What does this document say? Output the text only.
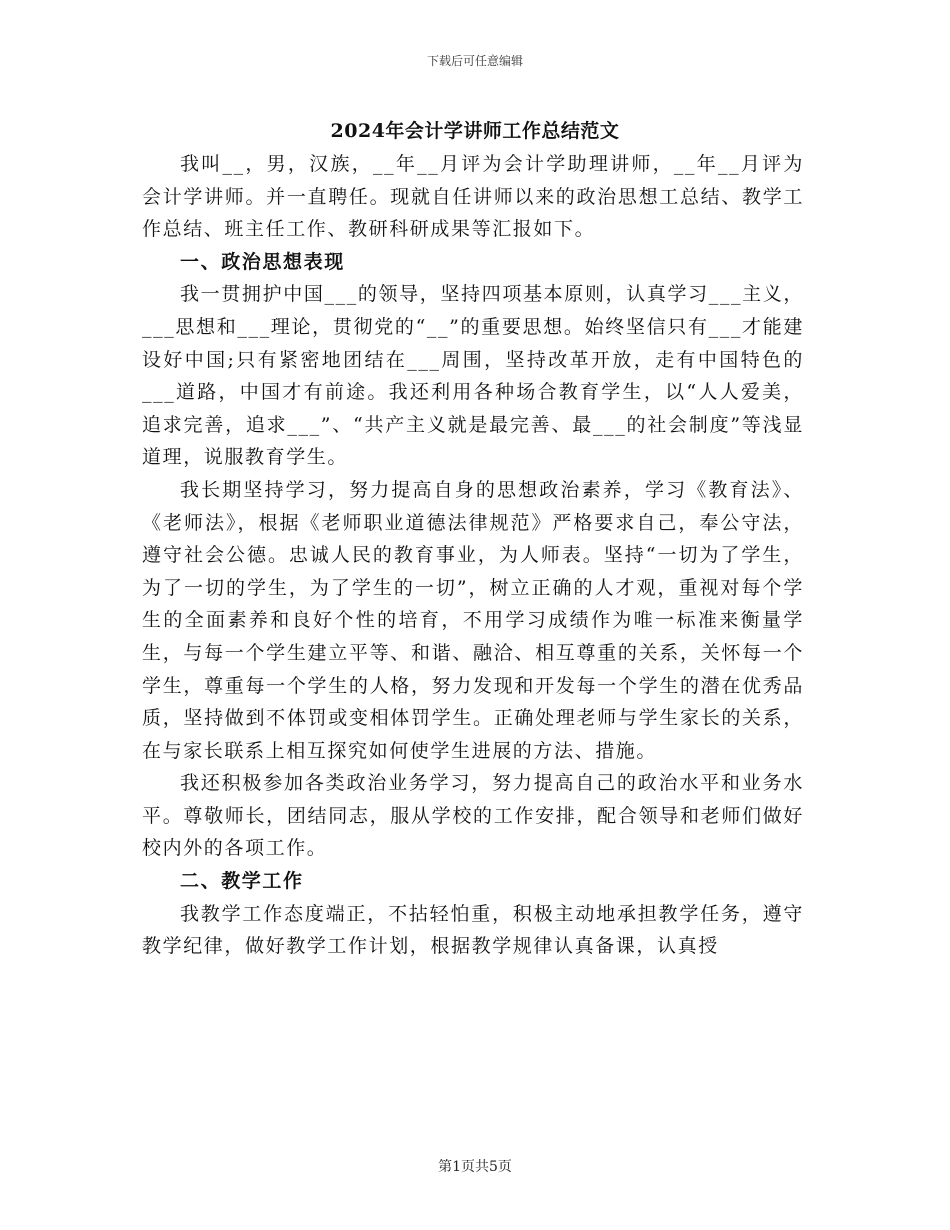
下载后可任意编辑
2024年会计学讲师工作总结范文

我叫__，男，汉族，__年__月评为会计学助理讲师，__年__月评为会计学讲师。并一直聘任。现就自任讲师以来的政治思想工总结、教学工作总结、班主任工作、教研科研成果等汇报如下。

一、政治思想表现

我一贯拥护中国___的领导，坚持四项基本原则，认真学习___主义，___思想和___理论，贯彻党的“__”的重要思想。始终坚信只有___才能建设好中国;只有紧密地团结在___周围，坚持改革开放，走有中国特色的___道路，中国才有前途。我还利用各种场合教育学生，以“人人爱美，追求完善，追求___”、“共产主义就是最完善、最___的社会制度”等浅显道理，说服教育学生。

我长期坚持学习，努力提高自身的思想政治素养，学习《教育法》、《老师法》，根据《老师职业道德法律规范》严格要求自己，奉公守法，遵守社会公德。忠诚人民的教育事业，为人师表。坚持“一切为了学生，为了一切的学生，为了学生的一切”，树立正确的人才观，重视对每个学生的全面素养和良好个性的培育，不用学习成绩作为唯一标准来衡量学生，与每一个学生建立平等、和谐、融洽、相互尊重的关系，关怀每一个学生，尊重每一个学生的人格，努力发现和开发每一个学生的潜在优秀品质，坚持做到不体罚或变相体罚学生。正确处理老师与学生家长的关系，在与家长联系上相互探究如何使学生进展的方法、措施。

我还积极参加各类政治业务学习，努力提高自己的政治水平和业务水平。尊敬师长，团结同志，服从学校的工作安排，配合领导和老师们做好校内外的各项工作。

二、教学工作

我教学工作态度端正，不拈轻怕重，积极主动地承担教学任务，遵守教学纪律，做好教学工作计划，根据教学规律认真备课，认真授

第1页共5页
